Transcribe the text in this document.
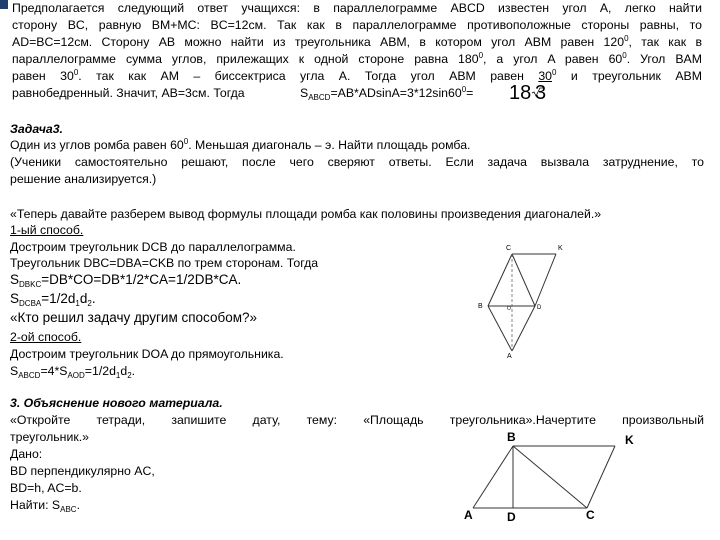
Предполагается следующий ответ учащихся: в параллелограмме ABCD известен угол A, легко найти
сторону BC, равную BM+MC: BC=12см. Так как в параллелограмме противоположные стороны равны, то
AD=BC=12см. Сторону AB можно найти из треугольника ABM, в котором угол ABM равен $120^0$, так как в
параллелограмме сумма углов, прилежащих к одной стороне равна $180^0$, а угол A равен $60^0$. Угол BAM
равен $30^0$. так как AM – биссектриса угла A. Тогда угол ABM равен $30^0$ и треугольник ABM
равнобедренный. Значит, AB=3см. Тогда	$S_{ABCD}=AB*ADsinA=3*12\sin 60^0= 18$ 3
Задача3.
Один из углов ромба равен $60^0$. Меньшая диагональ – э. Найти площадь ромба.
(Ученики самостоятельно решают, после чего сверяют ответы. Если задача вызвала затруднение, то
решение анализируется.)
«Теперь давайте разберем вывод формулы площади ромба как половины произведения диагоналей.»
1-ый способ.
Достроим треугольник DCB до параллелограмма.
Треугольник DBC=DBA=CKB по трем сторонам. Тогда
$S_{DBKC}=DB*CO=DB*1/2*CA=1/2DB*CA$.
$S_{DCBA}=1/2d_1d_2$.
«Кто решил задачу другим способом?»
2-ой способ.
Достроим треугольник DOA до прямоугольника.
$S_{ABCD}=4*S_{AOD}=1/2d_1d_2$.
3. Объяснение нового материала.
«Откройте тетради, запишите дату, тему: «Площадь треугольника».Начертите произвольный
треугольник.»
Дано:
BD перпендикулярно AC,
BD=h, AC=b.
Найти: $S_{ABC}$.
C	K
B	O	D
A
B	K
A	D	C
